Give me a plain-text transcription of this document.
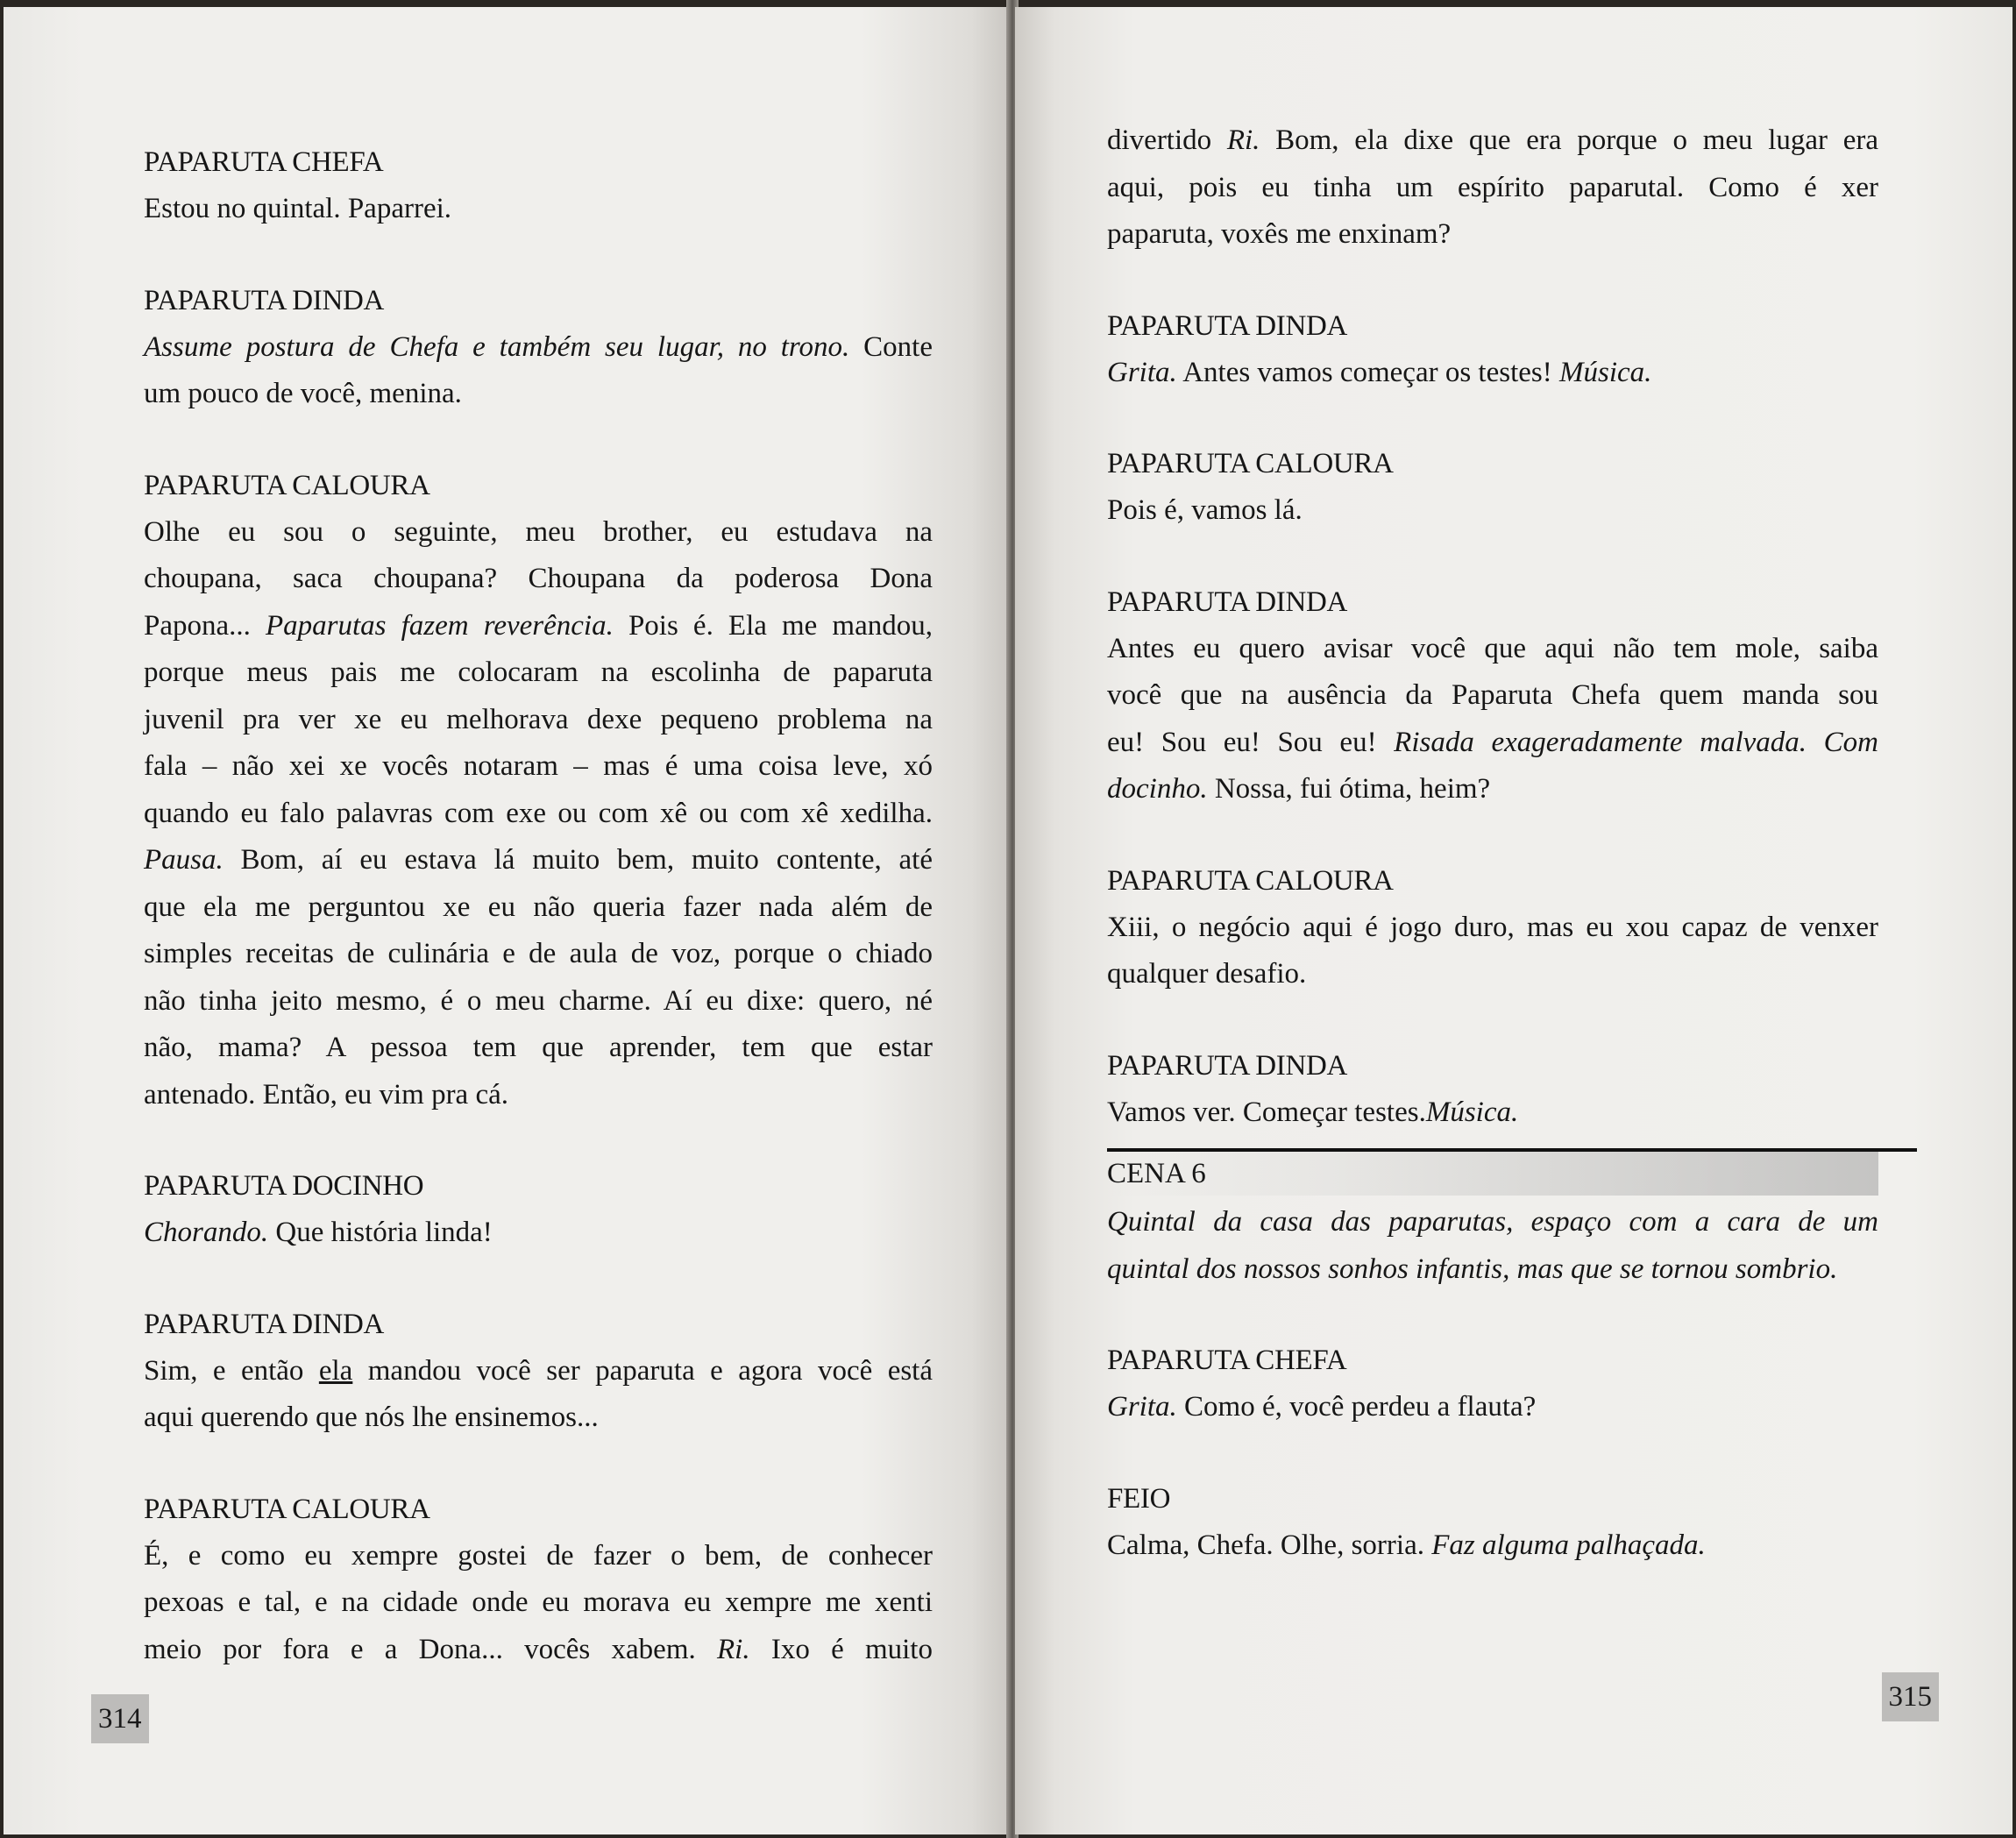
PAPARUTA CHEFA

Estou no quintal. Paparrei.

PAPARUTA DINDA

Assume postura de Chefa e também seu lugar, no trono. Conte

um pouco de você, menina.

PAPARUTA CALOURA

Olhe eu sou o seguinte, meu brother, eu estudava na

choupana, saca choupana? Choupana da poderosa Dona

Papona... Paparutas fazem reverência. Pois é. Ela me mandou,

porque meus pais me colocaram na escolinha de paparuta

juvenil pra ver xe eu melhorava dexe pequeno problema na

fala – não xei xe vocês notaram – mas é uma coisa leve, xó

quando eu falo palavras com exe ou com xê ou com xê xedilha.

Pausa. Bom, aí eu estava lá muito bem, muito contente, até

que ela me perguntou xe eu não queria fazer nada além de

simples receitas de culinária e de aula de voz, porque o chiado

não tinha jeito mesmo, é o meu charme. Aí eu dixe: quero, né

não, mama? A pessoa tem que aprender, tem que estar

antenado. Então, eu vim pra cá.

PAPARUTA DOCINHO

Chorando. Que história linda!

PAPARUTA DINDA

Sim, e então ela mandou você ser paparuta e agora você está

aqui querendo que nós lhe ensinemos...

PAPARUTA CALOURA

É, e como eu xempre gostei de fazer o bem, de conhecer

pexoas e tal, e na cidade onde eu morava eu xempre me xenti

meio por fora e a Dona... vocês xabem. Ri. Ixo é muito

314

divertido Ri. Bom, ela dixe que era porque o meu lugar era

aqui, pois eu tinha um espírito paparutal. Como é xer

paparuta, voxês me enxinam?

PAPARUTA DINDA

Grita. Antes vamos começar os testes! Música.

PAPARUTA CALOURA

Pois é, vamos lá.

PAPARUTA DINDA

Antes eu quero avisar você que aqui não tem mole, saiba

você que na ausência da Paparuta Chefa quem manda sou

eu! Sou eu! Sou eu! Risada exageradamente malvada. Com

docinho. Nossa, fui ótima, heim?

PAPARUTA CALOURA

Xiii, o negócio aqui é jogo duro, mas eu xou capaz de venxer

qualquer desafio.

PAPARUTA DINDA

Vamos ver. Começar testes.Música.

CENA 6

Quintal da casa das paparutas, espaço com a cara de um

quintal dos nossos sonhos infantis, mas que se tornou sombrio.

PAPARUTA CHEFA

Grita. Como é, você perdeu a flauta?

FEIO

Calma, Chefa. Olhe, sorria. Faz alguma palhaçada.

315
